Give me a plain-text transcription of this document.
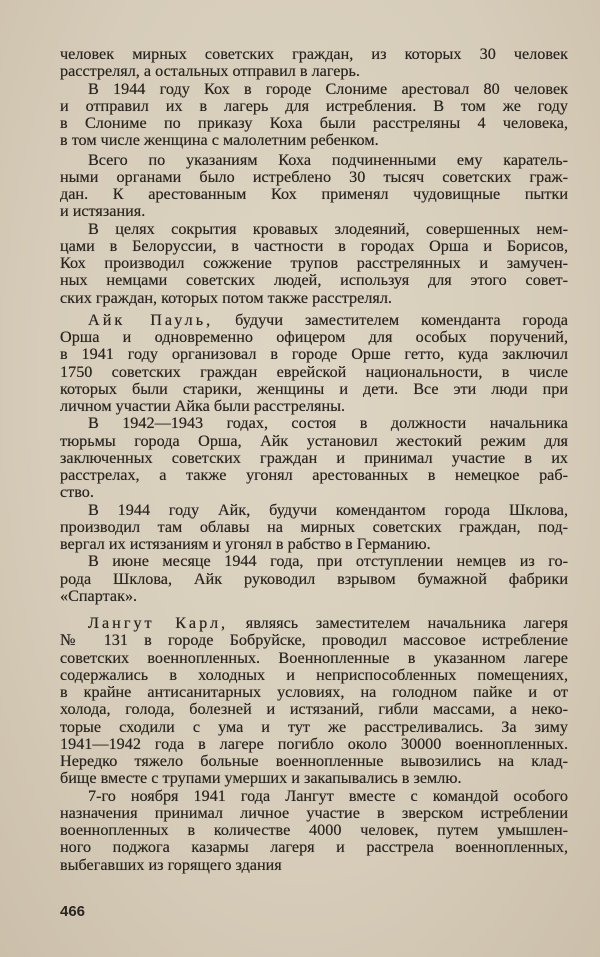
человек мирных советских граждан, из которых 30 человек
расстрелял, а остальных отправил в лагерь.

В 1944 году Кох в городе Слониме арестовал 80 человек
и отправил их в лагерь для истребления. В том же году
в Слониме по приказу Коха были расстреляны 4 человека,
в том числе женщина с малолетним ребенком.

Всего по указаниям Коха подчиненными ему каратель-
ными органами было истреблено 30 тысяч советских граж-
дан. К арестованным Кох применял чудовищные пытки
и истязания.

В целях сокрытия кровавых злодеяний, совершенных нем-
цами в Белоруссии, в частности в городах Орша и Борисов,
Кох производил сожжение трупов расстрелянных и замучен-
ных немцами советских людей, используя для этого совет-
ских граждан, которых потом также расстрелял.

Айк Пауль, будучи заместителем коменданта города
Орша и одновременно офицером для особых поручений,
в 1941 году организовал в городе Орше гетто, куда заключил
1750 советских граждан еврейской национальности, в числе
которых были старики, женщины и дети. Все эти люди при
личном участии Айка были расстреляны.

В 1942—1943 годах, состоя в должности начальника
тюрьмы города Орша, Айк установил жестокий режим для
заключенных советских граждан и принимал участие в их
расстрелах, а также угонял арестованных в немецкое раб-
ство.

В 1944 году Айк, будучи комендантом города Шклова,
производил там облавы на мирных советских граждан, под-
вергал их истязаниям и угонял в рабство в Германию.

В июне месяце 1944 года, при отступлении немцев из го-
рода Шклова, Айк руководил взрывом бумажной фабрики
«Спартак».

Лангут Карл, являясь заместителем начальника лагеря
№ 131 в городе Бобруйске, проводил массовое истребление
советских военнопленных. Военнопленные в указанном лагере
содержались в холодных и неприспособленных помещениях,
в крайне антисанитарных условиях, на голодном пайке и от
холода, голода, болезней и истязаний, гибли массами, а неко-
торые сходили с ума и тут же расстреливались. За зиму
1941—1942 года в лагере погибло около 30000 военнопленных.
Нередко тяжело больные военнопленные вывозились на клад-
бище вместе с трупами умерших и закапывались в землю.

7-го ноября 1941 года Лангут вместе с командой особого
назначения принимал личное участие в зверском истреблении
военнопленных в количестве 4000 человек, путем умышлен-
ного поджога казармы лагеря и расстрела военнопленных,
выбегавших из горящего здания

466
